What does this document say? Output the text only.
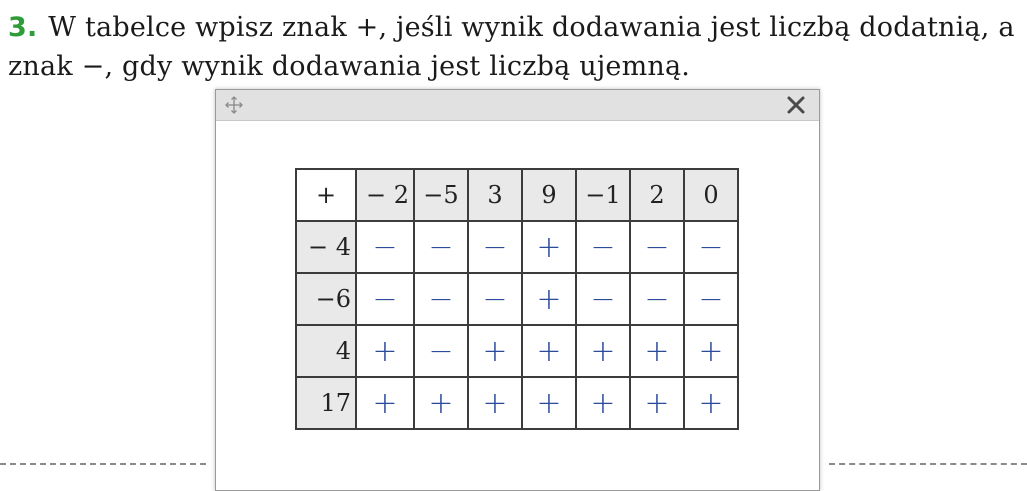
3. W tabelce wpisz znak +, jeśli wynik dodawania jest liczbą dodatnią, a znak −, gdy wynik dodawania jest liczbą ujemną.
+	− 2	−5	3	9	−1	2	0
− 4	−	−	−	+	−	−	−
−6	−	−	−	+	−	−	−
4	+	−	+	+	+	+	+
17	+	+	+	+	+	+	+
